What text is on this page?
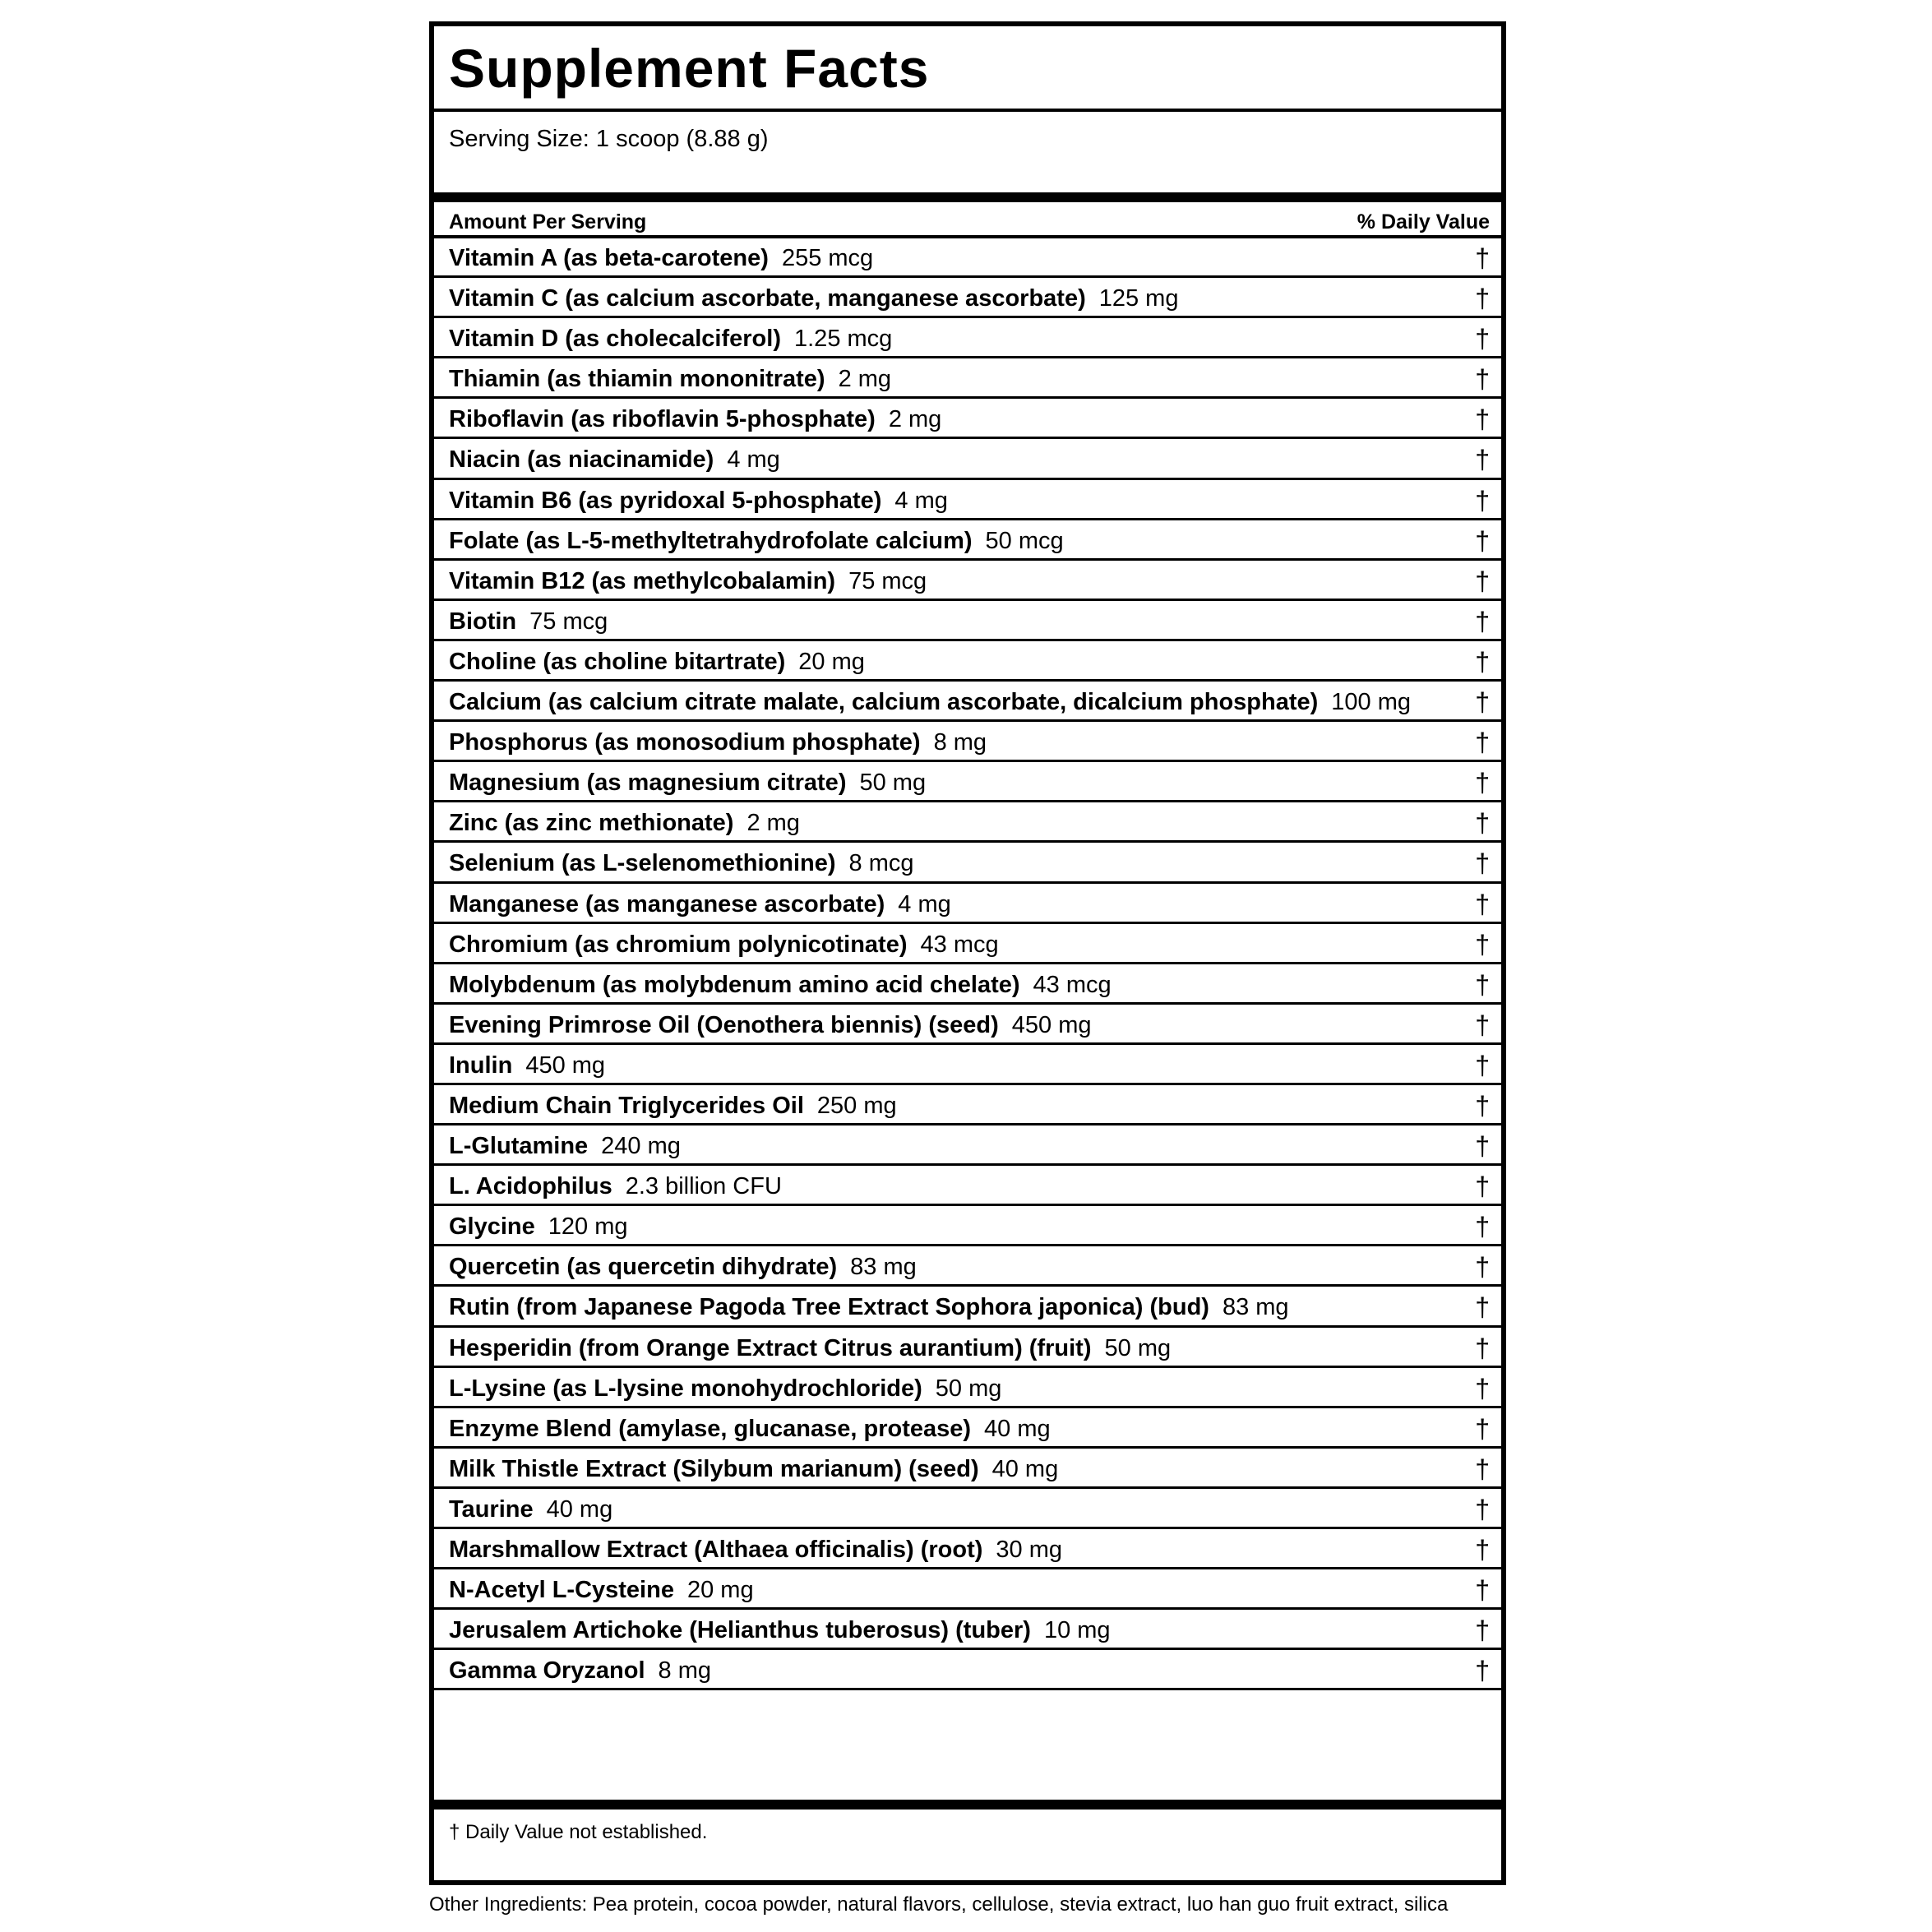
Supplement Facts
Serving Size: 1 scoop (8.88 g)
Amount Per Serving	% Daily Value
Vitamin A (as beta-carotene) 255 mcg	†
Vitamin C (as calcium ascorbate, manganese ascorbate) 125 mg	†
Vitamin D (as cholecalciferol) 1.25 mcg	†
Thiamin (as thiamin mononitrate) 2 mg	†
Riboflavin (as riboflavin 5-phosphate) 2 mg	†
Niacin (as niacinamide) 4 mg	†
Vitamin B6 (as pyridoxal 5-phosphate) 4 mg	†
Folate (as L-5-methyltetrahydrofolate calcium) 50 mcg	†
Vitamin B12 (as methylcobalamin) 75 mcg	†
Biotin 75 mcg	†
Choline (as choline bitartrate) 20 mg	†
Calcium (as calcium citrate malate, calcium ascorbate, dicalcium phosphate) 100 mg †
Phosphorus (as monosodium phosphate) 8 mg	†
Magnesium (as magnesium citrate) 50 mg	†
Zinc (as zinc methionate) 2 mg	†
Selenium (as L-selenomethionine) 8 mcg	†
Manganese (as manganese ascorbate) 4 mg	†
Chromium (as chromium polynicotinate) 43 mcg	†
Molybdenum (as molybdenum amino acid chelate) 43 mcg	†
Evening Primrose Oil (Oenothera biennis) (seed) 450 mg	†
Inulin 450 mg	†
Medium Chain Triglycerides Oil 250 mg	†
L-Glutamine 240 mg	†
L. Acidophilus 2.3 billion CFU	†
Glycine 120 mg	†
Quercetin (as quercetin dihydrate) 83 mg	†
Rutin (from Japanese Pagoda Tree Extract Sophora japonica) (bud) 83 mg	†
Hesperidin (from Orange Extract Citrus aurantium) (fruit) 50 mg	†
L-Lysine (as L-lysine monohydrochloride) 50 mg	†
Enzyme Blend (amylase, glucanase, protease) 40 mg	†
Milk Thistle Extract (Silybum marianum) (seed) 40 mg	†
Taurine 40 mg	†
Marshmallow Extract (Althaea officinalis) (root) 30 mg	†
N-Acetyl L-Cysteine 20 mg	†
Jerusalem Artichoke (Helianthus tuberosus) (tuber) 10 mg	†
Gamma Oryzanol 8 mg	†
† Daily Value not established.
Other Ingredients: Pea protein, cocoa powder, natural flavors, cellulose, stevia extract, luo han guo fruit extract, silica
